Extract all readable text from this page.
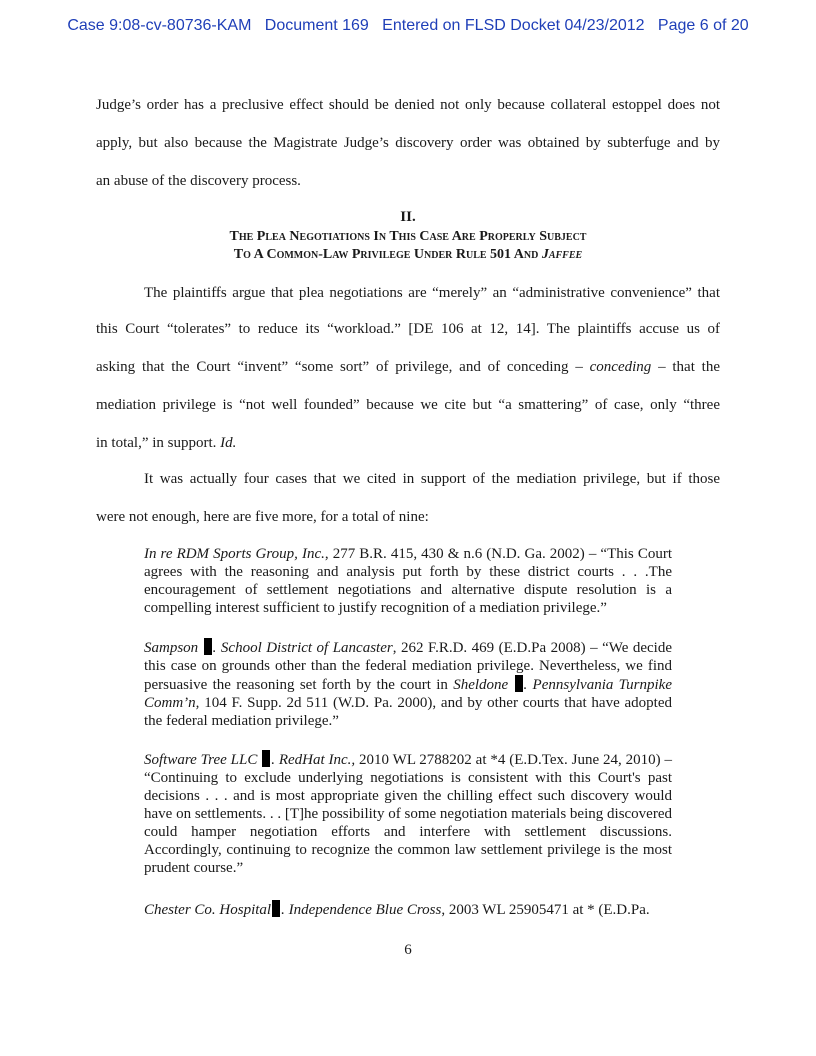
Case 9:08-cv-80736-KAM Document 169 Entered on FLSD Docket 04/23/2012 Page 6 of 20
Judge’s order has a preclusive effect should be denied not only because collateral estoppel does not
apply, but also because the Magistrate Judge’s discovery order was obtained by subterfuge and by
an abuse of the discovery process.
II.
The Plea Negotiations In This Case Are Properly Subject
To A Common-Law Privilege Under Rule 501 And Jaffee
The plaintiffs argue that plea negotiations are “merely” an “administrative convenience” that
this Court “tolerates” to reduce its “workload.” [DE 106 at 12, 14]. The plaintiffs accuse us of
asking that the Court “invent” “some sort” of privilege, and of conceding – conceding – that the
mediation privilege is “not well founded” because we cite but “a smattering” of case, only “three
in total,” in support. Id.
It was actually four cases that we cited in support of the mediation privilege, but if those
were not enough, here are five more, for a total of nine:

In re RDM Sports Group, Inc., 277 B.R. 415, 430 & n.6 (N.D. Ga. 2002) – “This Court agrees with the reasoning and analysis put forth by these district courts . . .The encouragement of settlement negotiations and alternative dispute resolution is a compelling interest sufficient to justify recognition of a mediation privilege.”

Sampson . School District of Lancaster, 262 F.R.D. 469 (E.D.Pa 2008) – “We decide this case on grounds other than the federal mediation privilege. Nevertheless, we find persuasive the reasoning set forth by the court in Sheldone . Pennsylvania Turnpike Comm’n, 104 F. Supp. 2d 511 (W.D. Pa. 2000), and by other courts that have adopted the federal mediation privilege.”

Software Tree LLC . RedHat Inc., 2010 WL 2788202 at *4 (E.D.Tex. June 24, 2010) – “Continuing to exclude underlying negotiations is consistent with this Court's past decisions . . . and is most appropriate given the chilling effect such discovery would have on settlements. . . [T]he possibility of some negotiation materials being discovered could hamper negotiation efforts and interfere with settlement discussions. Accordingly, continuing to recognize the common law settlement privilege is the most prudent course.”

Chester Co. Hospital . Independence Blue Cross, 2003 WL 25905471 at * (E.D.Pa.

6
